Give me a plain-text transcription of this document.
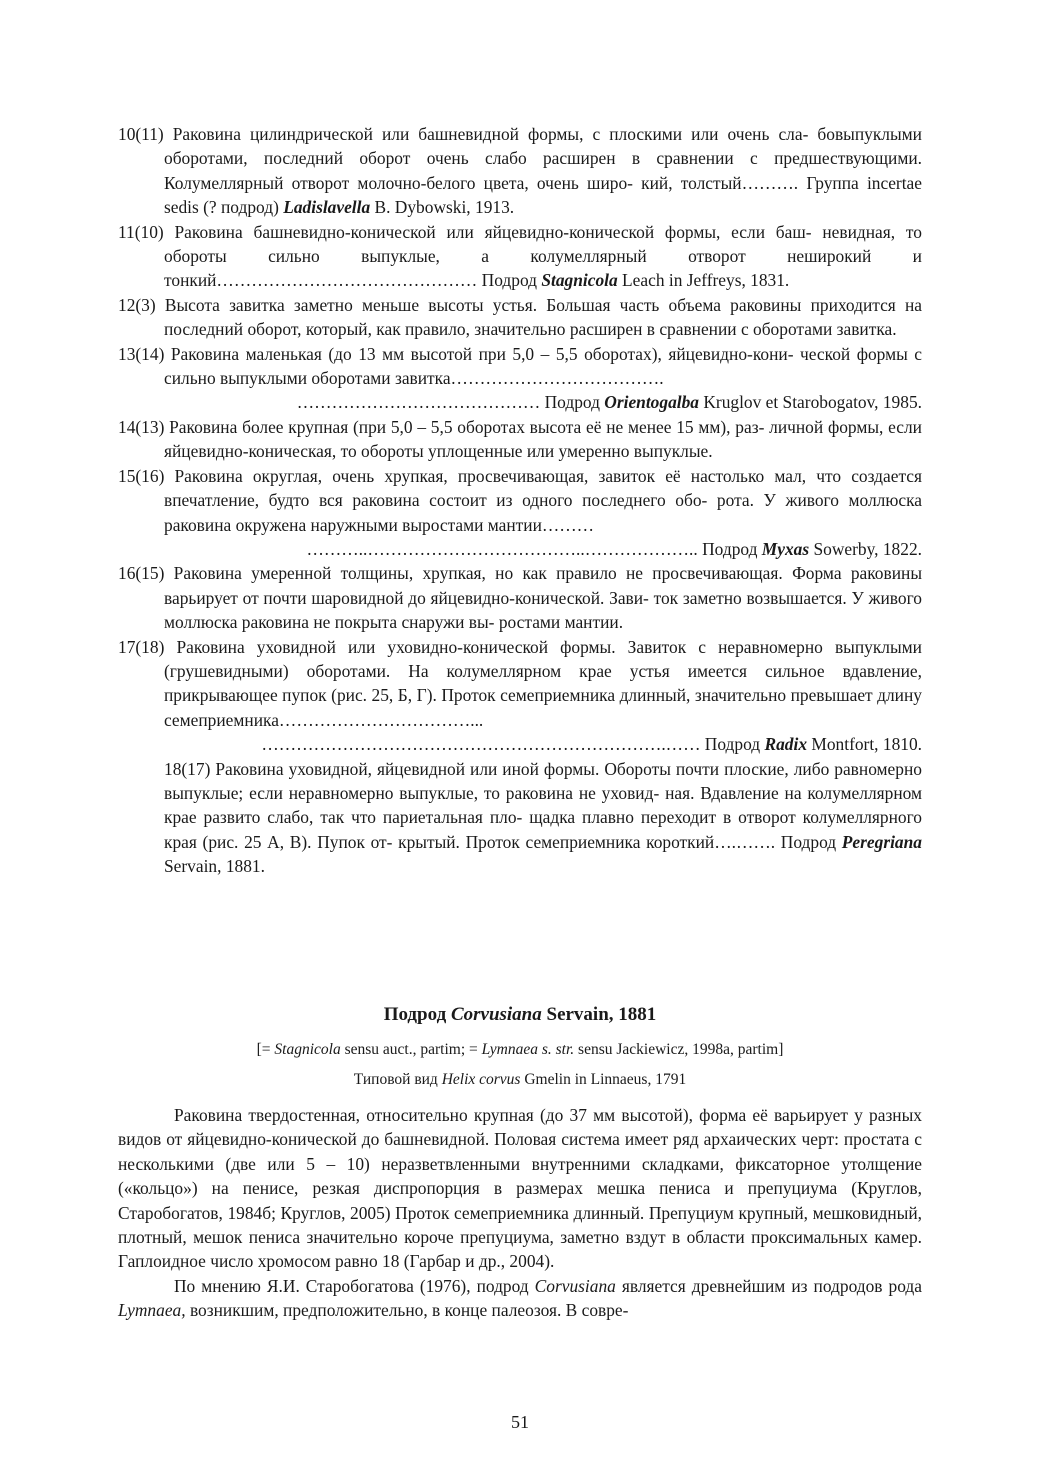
10(11) Раковина цилиндрической или башневидной формы, с плоскими или очень сла- бовыпуклыми оборотами, последний оборот очень слабо расширен в сравнении с предшествующими. Колумеллярный отворот молочно-белого цвета, очень широ- кий, толстый………. Группа incertae sedis (? подрод) Ladislavella B. Dybowski, 1913.
11(10) Раковина башневидно-конической или яйцевидно-конической формы, если баш- невидная, то обороты сильно выпуклые, а колумеллярный отворот неширокий и тонкий……………………………………… Подрод Stagnicola Leach in Jeffreys, 1831.
12(3) Высота завитка заметно меньше высоты устья. Большая часть объема раковины приходится на последний оборот, который, как правило, значительно расширен в сравнении с оборотами завитка.
13(14) Раковина маленькая (до 13 мм высотой при 5,0 – 5,5 оборотах), яйцевидно-кони- ческой формы с сильно выпуклыми оборотами завитка……………………………….
…………………………………… Подрод Orientogalba Kruglov et Starobogatov, 1985.
14(13) Раковина более крупная (при 5,0 – 5,5 оборотах высота её не менее 15 мм), раз- личной формы, если яйцевидно-коническая, то обороты уплощенные или умеренно выпуклые.
15(16) Раковина округлая, очень хрупкая, просвечивающая, завиток её настолько мал, что создается впечатление, будто вся раковина состоит из одного последнего обо- рота. У живого моллюска раковина окружена наружными выростами мантии………
………..………………………………..……………….. Подрод Myxas Sowerby, 1822.
16(15) Раковина умеренной толщины, хрупкая, но как правило не просвечивающая. Форма раковины варьирует от почти шаровидной до яйцевидно-конической. Зави- ток заметно возвышается. У живого моллюска раковина не покрыта снаружи вы- ростами мантии.
17(18) Раковина уховидной или уховидно-конической формы. Завиток с неравномерно выпуклыми (грушевидными) оборотами. На колумеллярном крае устья имеется сильное вдавление, прикрывающее пупок (рис. 25, Б, Г). Проток семеприемника длинный, значительно превышает длину семеприемника……………………………...
…………………………………………………………….…… Подрод Radix Montfort, 1810.
18(17) Раковина уховидной, яйцевидной или иной формы. Обороты почти плоские, либо равномерно выпуклые; если неравномерно выпуклые, то раковина не уховид- ная. Вдавление на колумеллярном крае развито слабо, так что париетальная пло- щадка плавно переходит в отворот колумеллярного края (рис. 25 А, В). Пупок от- крытый. Проток семеприемника короткий….……. Подрод Peregriana Servain, 1881.
Подрод Corvusiana Servain, 1881
[= Stagnicola sensu auct., partim; = Lymnaea s. str. sensu Jackiewicz, 1998a, partim]
Типовой вид Helix corvus Gmelin in Linnaeus, 1791

Раковина твердостенная, относительно крупная (до 37 мм высотой), форма её варьирует у разных видов от яйцевидно-конической до башневидной. Половая система имеет ряд архаических черт: простата с несколькими (две или 5 – 10) неразветвленными внутренними складками, фиксаторное утолщение («кольцо») на пенисе, резкая диспропорция в размерах мешка пениса и препуциума (Круглов, Старобогатов, 1984б; Круглов, 2005) Проток семеприемника длинный. Препуциум крупный, мешковидный, плотный, мешок пениса значительно короче препуциума, заметно вздут в области проксимальных камер. Гаплоидное число хромосом равно 18 (Гарбар и др., 2004).

По мнению Я.И. Старобогатова (1976), подрод Corvusiana является древнейшим из подродов рода Lymnaea, возникшим, предположительно, в конце палеозоя. В совре-

51
